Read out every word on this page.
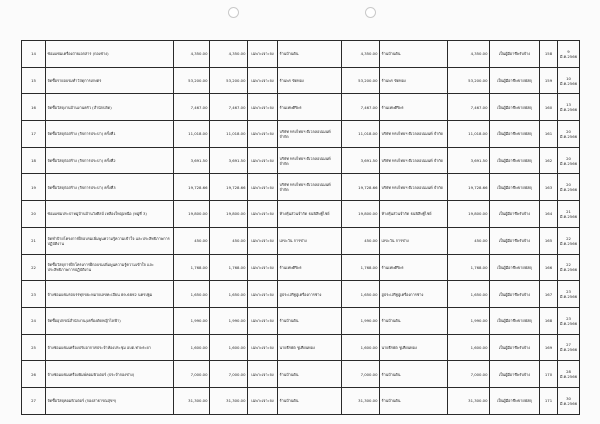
14	ซ่อมแซมเครื่องถ่ายเอกสาร (กองช่าง)	4,350.00	4,350.00	เฉพาะเจาะจง	ร้านบ้านดิน	4,350.00	ร้านบ้านดิน	4,350.00	เป็นผู้มีอาชีพรับจ้าง	158	9 มี.ค.2566
15	จัดซื้อรายอบรมทำวัสดุการเกษตร	53,200.00	53,200.00	เฉพาะเจาะจง	ร้านพร ขัดทอง	53,200.00	ร้านพร ขัดทอง	53,200.00	เป็นผู้มีอาชีพขายพัสดุ	159	10 มี.ค.2566
16	จัดซื้อวัสดุงานบ้านงานครัว (สำนักปลัด)	7,467.00	7,467.00	เฉพาะเจาะจง	ร้านเทพศิริพร	7,467.00	ร้านเทพศิริพร	7,467.00	เป็นผู้มีอาชีพขายพัสดุ	160	13 มี.ค.2566
17	จัดซื้อวัสดุก่อสร้าง (กิจการประปา) ครั้งที่1	11,018.00	11,018.00	เฉพาะเจาะจง	บริษัท ทรงไทยฯ ดีเวลลอปเมนท์ จำกัด	11,018.00	บริษัท ทรงไทยฯ ดีเวลลอปเมนท์ จำกัด	11,018.00	เป็นผู้มีอาชีพขายพัสดุ	161	20 มี.ค.2566
18	จัดซื้อวัสดุก่อสร้าง (กิจการประปา) ครั้งที่2	3,691.50	3,691.50	เฉพาะเจาะจง	บริษัท ทรงไทยฯ ดีเวลลอปเมนท์ จำกัด	3,691.50	บริษัท ทรงไทยฯ ดีเวลลอปเมนท์ จำกัด	3,691.50	เป็นผู้มีอาชีพขายพัสดุ	162	20 มี.ค.2566
19	จัดซื้อวัสดุก่อสร้าง (กิจการประปา) ครั้งที่3	19,728.66	19,728.66	เฉพาะเจาะจง	บริษัท ทรงไทยฯ ดีเวลลอปเมนท์ จำกัด	19,728.66	บริษัท ทรงไทยฯ ดีเวลลอปเมนท์ จำกัด	19,728.66	เป็นผู้มีอาชีพขายพัสดุ	163	20 มี.ค.2566
20	ซ่อมแซมประปาหมู่บ้านบ้านวังศิลป์ เหลืองใหญ่เหนือ (หมู่ที่ 3)	19,800.00	19,800.00	เฉพาะเจาะจง	ห้างหุ้นส่วนจำกัด ธนพิสิษฐ์ไชย์	19,800.00	ห้างหุ้นส่วนจำกัด ธนพิสิษฐ์ไชย์	19,800.00	เป็นผู้มีอาชีพรับจ้าง	164	21 มี.ค.2566
21	จัดทำป้ายโครงการฝึกอบรมเพิ่มพูนความรู้ความเข้าใจ และประสิทธิภาพการปฏิบัติงาน	450.00	450.00	เฉพาะเจาะจง	เลขะวัน การช่าง	450.00	เลขะวัน การช่าง	450.00	เป็นผู้มีอาชีพรับจ้าง	165	22 มี.ค.2566
22	จัดซื้อวัสดุการฝึกโครงการฝึกอบรมเพิ่มพูนความรู้ความเข้าใจ และประสิทธิภาพการปฏิบัติงาน	1,768.00	1,768.00	เฉพาะเจาะจง	ร้านเทพศิริพร	1,768.00	ร้านเทพศิริพร	1,768.00	เป็นผู้มีอาชีพขายพัสดุ	166	22 มี.ค.2566
23	จ้างซ่อมแซมรถบรรทุกขยะหมายเลขทะเบียน 89-6892 นครปฐม	1,650.00	1,650.00	เฉพาะเจาะจง	อู่ประเสริฐอู่เครื่องการช่าง	1,650.00	อู่ประเสริฐอู่เครื่องการช่าง	1,650.00	เป็นผู้มีอาชีพรับจ้าง	167	23 มี.ค.2566
24	จัดซื้ออุปกรณ์สำนักงาน(เครื่องตัดหญ้าไฟฟ้า)	1,990.00	1,990.00	เฉพาะเจาะจง	ร้านบ้านดิน	1,990.00	ร้านบ้านดิน	1,990.00	เป็นผู้มีอาชีพขายพัสดุ	168	23 มี.ค.2566
25	จ้างซ่อมแซมเครื่องปรับอากาศประจำห้องประชุม อบต.ท่าพระยา	1,600.00	1,600.00	เฉพาะเจาะจง	นายธีรพัต ชูเทียนทอง	1,600.00	นายธีรพัต ชูเทียนทอง	1,600.00	เป็นผู้มีอาชีพรับจ้าง	169	27 มี.ค.2566
26	จ้างซ่อมแซมเครื่องพิมพ์คอมพิวเตอร์ (ประจำกองช่าง)	7,000.00	7,000.00	เฉพาะเจาะจง	ร้านบ้านดิน	7,000.00	ร้านบ้านดิน	7,000.00	เป็นผู้มีอาชีพรับจ้าง	170	28 มี.ค.2566
27	จัดซื้อวัสดุคอมพิวเตอร์ (กองสาธารณสุขฯ)	31,300.00	31,300.00	เฉพาะเจาะจง	ร้านบ้านดิน	31,300.00	ร้านบ้านดิน	31,300.00	เป็นผู้มีอาชีพขายพัสดุ	171	30 มี.ค.2566
